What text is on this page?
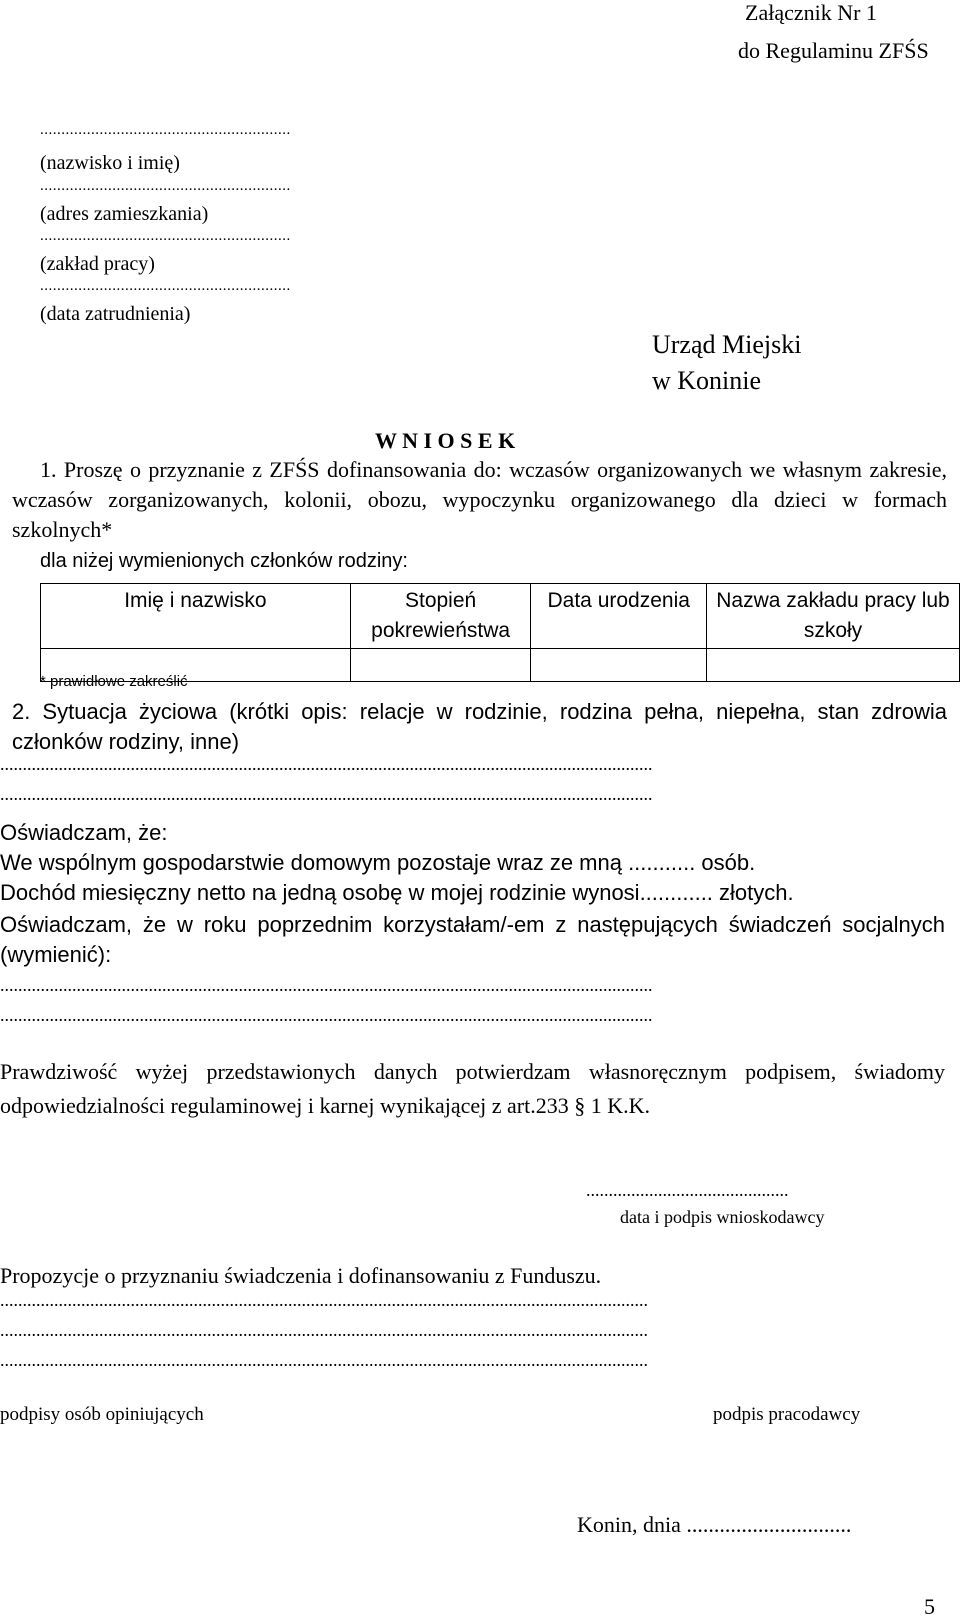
Załącznik Nr 1
do Regulaminu ZFŚS
...........................................................
(nazwisko i imię)
...........................................................
(adres zamieszkania)
...........................................................
(zakład pracy)
...........................................................
(data zatrudnienia)
Urząd Miejski
w Koninie
W N I O S E K
1. Proszę o przyznanie z ZFŚS dofinansowania do: wczasów organizowanych we własnym zakresie, wczasów zorganizowanych, kolonii, obozu, wypoczynku organizowanego dla dzieci w formach szkolnych*
dla niżej wymienionych członków rodziny:
Imię i nazwisko	Stopień pokrewieństwa	Data urodzenia	Nazwa zakładu pracy lub szkoły

* prawidłowe zakreślić
2. Sytuacja życiowa (krótki opis: relacje w rodzinie, rodzina pełna, niepełna, stan zdrowia członków rodziny, inne)
.................................................................................................................................................
.................................................................................................................................................
Oświadczam, że:
We wspólnym gospodarstwie domowym pozostaje wraz ze mną ........... osób.
Dochód miesięczny netto na jedną osobę w mojej rodzinie wynosi............ złotych.
Oświadczam, że w roku poprzednim korzystałam/-em z następujących świadczeń socjalnych (wymienić):
.................................................................................................................................................
.................................................................................................................................................
Prawdziwość wyżej przedstawionych danych potwierdzam własnoręcznym podpisem, świadomy odpowiedzialności regulaminowej i karnej wynikającej z art.233 § 1 K.K.
.............................................
data i podpis wnioskodawcy
Propozycje o przyznaniu świadczenia i dofinansowaniu z Funduszu.
................................................................................................................................................
................................................................................................................................................
................................................................................................................................................
podpisy osób opiniujących	podpis pracodawcy
Konin, dnia ..............................
5
